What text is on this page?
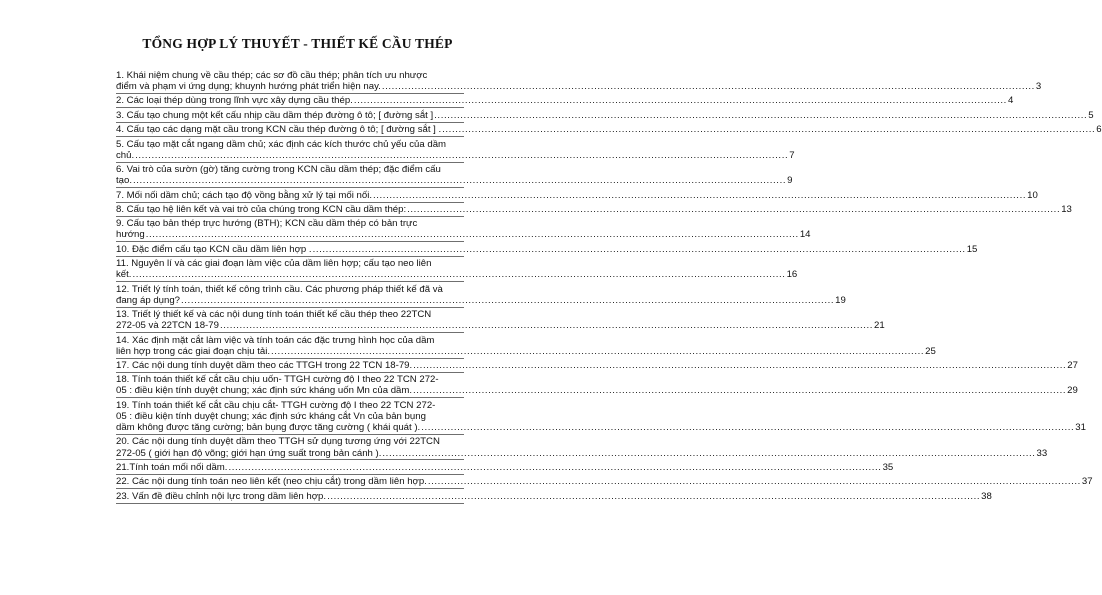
TỔNG HỢP LÝ THUYẾT - THIẾT KẾ CẦU THÉP
1. Khái niệm chung về cầu thép; các sơ đồ cầu thép; phân tích ưu nhược
điểm và phạm vi ứng dụng; khuynh hướng phát triển hiện nay. ........................................................................................................................................................................................................ 3
2. Các loại thép dùng trong lĩnh vực xây dựng cầu thép. ........................................................................................................................................................................................................ 4
3. Cấu tạo chung một kết cấu nhịp cầu dầm thép đường ô tô; [ đường sắt ] ........................................................................................................................................................................................................ 5
4. Cấu tạo các dạng mặt cầu trong KCN cầu thép đường ô tô; [ đường sắt ] . ........................................................................................................................................................................................................ 6
5. Cấu tạo mặt cắt ngang dầm chủ; xác định các kích thước chủ yếu của dầm
chủ. ........................................................................................................................................................................................................ 7
6. Vai trò của sườn (gờ) tăng cường trong KCN cầu dầm thép; đặc điểm cấu
tạo. ........................................................................................................................................................................................................ 9
7. Mối nối dầm chủ; cách tạo độ vồng bằng xử lý tại mối nối. ........................................................................................................................................................................................................ 10
8. Cấu tạo hệ liên kết và vai trò của chúng trong KCN cầu dầm thép: ........................................................................................................................................................................................................ 13
9. Cấu tạo bản thép trực hướng (BTH); KCN cầu dầm thép có bản trực
hướng ........................................................................................................................................................................................................ 14
10. Đặc điểm cấu tạo KCN cầu dầm liên hợp . ........................................................................................................................................................................................................ 15
11. Nguyên lí và các giai đoạn làm việc của dầm liên hợp; cấu tạo neo liên
kết. ........................................................................................................................................................................................................ 16
12. Triết lý tính toán, thiết kế công trình cầu. Các phương pháp thiết kế đã và
đang áp dụng? ........................................................................................................................................................................................................ 19
13. Triết lý thiết kế và các nội dung tính toán thiết kế cầu thép theo 22TCN
272-05 và 22TCN 18-79 ........................................................................................................................................................................................................ 21
14. Xác định mặt cắt làm việc và tính toán các đặc trưng hình học của dầm
liên hợp trong các giai đoạn chịu tải. ........................................................................................................................................................................................................ 25
17. Các nội dung tính duyệt dầm theo các TTGH trong 22 TCN 18-79. ........................................................................................................................................................................................................ 27
18. Tính toán thiết kế cắt cầu chịu uốn- TTGH cường độ I theo 22 TCN 272-
05 : điều kiện tính duyệt chung; xác định sức kháng uốn Mn của dầm. ........................................................................................................................................................................................................ 29
19. Tính toán thiết kế cắt cầu chịu cắt- TTGH cường độ I theo 22 TCN 272-
05 : điều kiện tính duyệt chung; xác định sức kháng cắt Vn của bản bụng
dầm không được tăng cường; bản bụng được tăng cường ( khái quát ). ........................................................................................................................................................................................................ 31
20. Các nội dung tính duyệt dầm theo TTGH sử dụng tương ứng với 22TCN
272-05 ( giới hạn độ võng; giới hạn ứng suất trong bản cánh ). ........................................................................................................................................................................................................ 33
21.Tính toán mối nối dầm. ........................................................................................................................................................................................................ 35
22. Các nội dung tính toán neo liên kết (neo chịu cắt) trong dầm liên hợp. ........................................................................................................................................................................................................ 37
23. Vấn đề điều chỉnh nội lực trong dầm liên hợp. ........................................................................................................................................................................................................ 38
